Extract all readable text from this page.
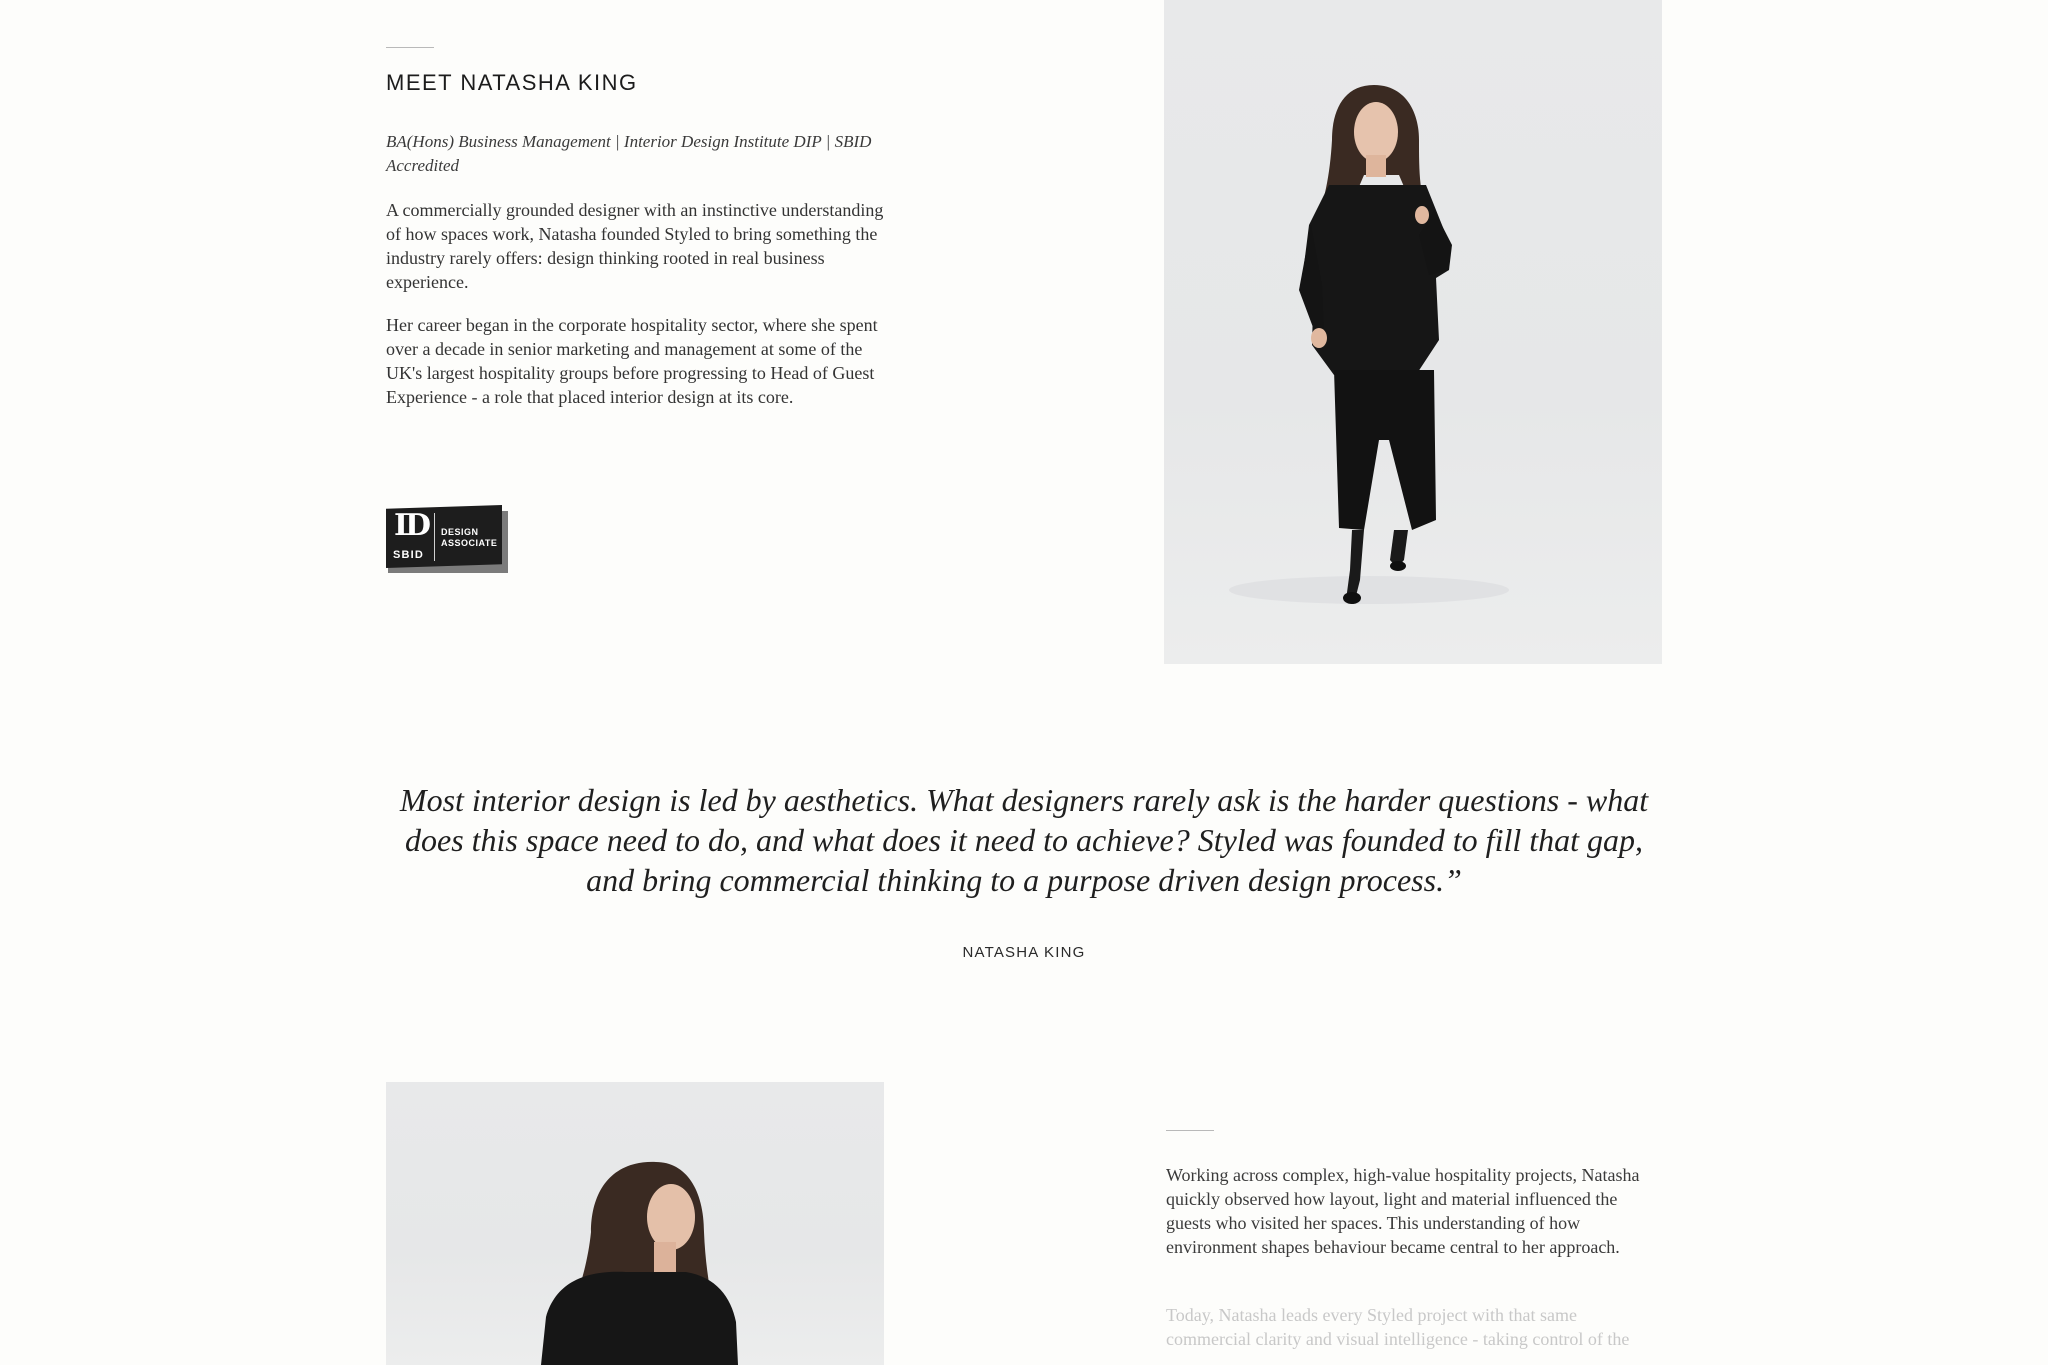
MEET NATASHA KING

BA(Hons) Business Management | Interior Design Institute DIP | SBID Accredited

A commercially grounded designer with an instinctive understanding of how spaces work, Natasha founded Styled to bring something the industry rarely offers: design thinking rooted in real business experience.

Her career began in the corporate hospitality sector, where she spent over a decade in senior marketing and management at some of the UK's largest hospitality groups before progressing to Head of Guest Experience - a role that placed interior design at its core.

ID
SBID
DESIGN
ASSOCIATE

Most interior design is led by aesthetics. What designers rarely ask is the harder questions - what does this space need to do, and what does it need to achieve? Styled was founded to fill that gap, and bring commercial thinking to a purpose driven design process.”

NATASHA KING

Working across complex, high-value hospitality projects, Natasha quickly observed how layout, light and material influenced the guests who visited her spaces. This understanding of how environment shapes behaviour became central to her approach.

Today, Natasha leads every Styled project with that same commercial clarity and visual intelligence - taking control of the
